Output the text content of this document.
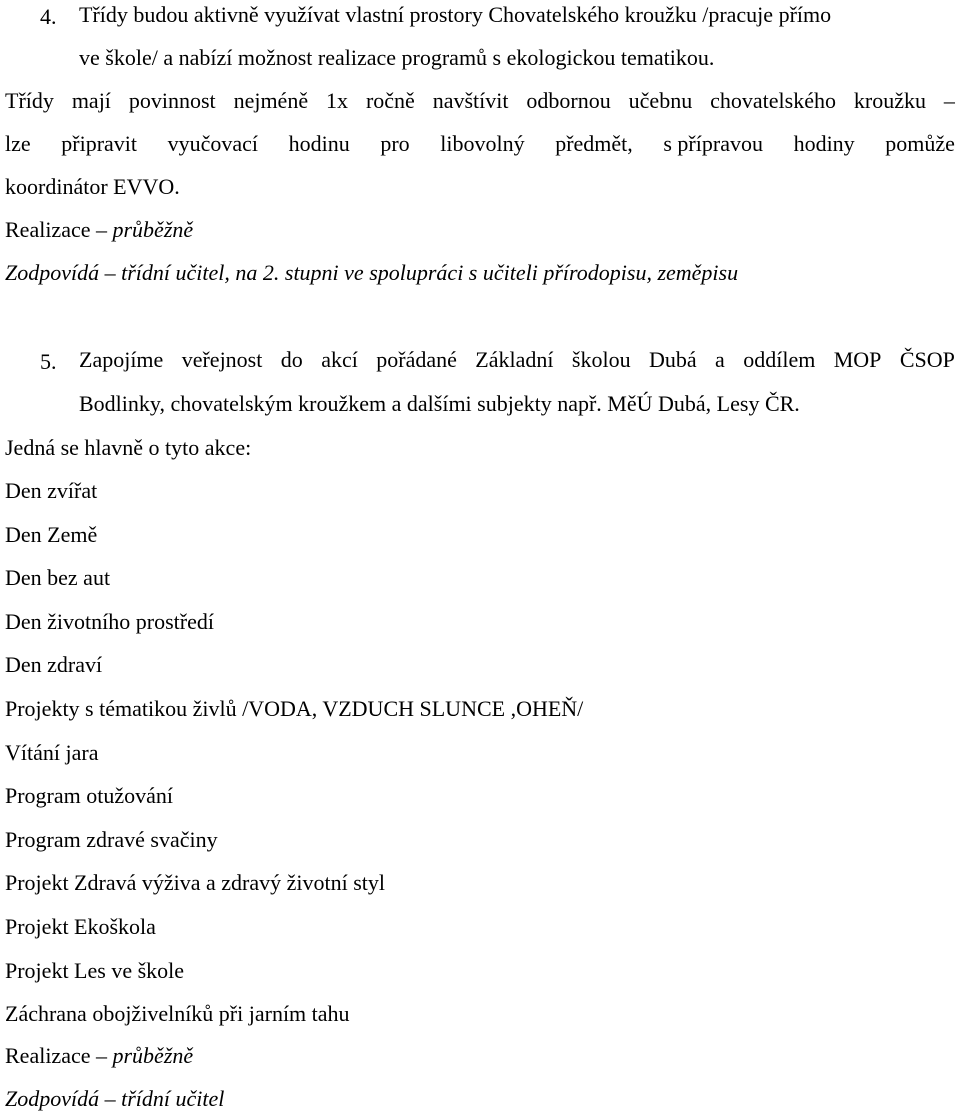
4. Třídy budou aktivně využívat vlastní prostory Chovatelského kroužku /pracuje přímo
ve škole/ a nabízí možnost realizace programů s ekologickou tematikou.
Třídy mají povinnost nejméně 1x ročně navštívit odbornou učebnu chovatelského kroužku –
lze připravit vyučovací hodinu pro libovolný předmět, s přípravou hodiny pomůže
koordinátor EVVO.
Realizace – průběžně
Zodpovídá – třídní učitel, na 2. stupni ve spolupráci s učiteli přírodopisu, zeměpisu
5. Zapojíme veřejnost do akcí pořádané Základní školou Dubá a oddílem MOP ČSOP
Bodlinky, chovatelským kroužkem a dalšími subjekty např. MěÚ Dubá, Lesy ČR.
Jedná se hlavně o tyto akce:
Den zvířat
Den Země
Den bez aut
Den životního prostředí
Den zdraví
Projekty s tématikou živlů /VODA, VZDUCH SLUNCE ,OHEŇ/
Vítání jara
Program otužování
Program zdravé svačiny
Projekt Zdravá výživa a zdravý životní styl
Projekt Ekoškola
Projekt Les ve škole
Záchrana obojživelníků při jarním tahu
Realizace – průběžně
Zodpovídá – třídní učitel
